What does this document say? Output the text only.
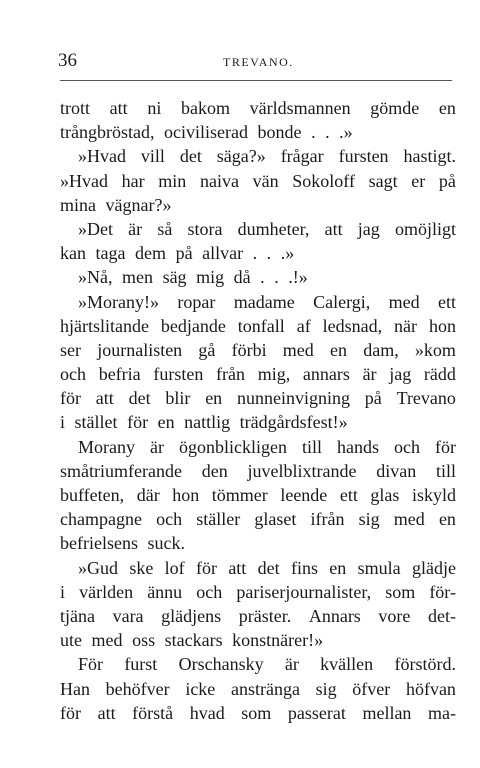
36	TREVANO.
trott att ni bakom världsmannen gömde en
trångbröstad, ociviliserad bonde . . .»
»Hvad vill det säga?» frågar fursten hastigt.
»Hvad har min naiva vän Sokoloff sagt er på
mina vägnar?»
»Det är så stora dumheter, att jag omöjligt
kan taga dem på allvar . . .»
»Nå, men säg mig då . . .!»
»Morany!» ropar madame Calergi, med ett
hjärtslitande bedjande tonfall af ledsnad, när hon
ser journalisten gå förbi med en dam, »kom
och befria fursten från mig, annars är jag rädd
för att det blir en nunneinvigning på Trevano
i stället för en nattlig trädgårdsfest!»
Morany är ögonblickligen till hands och för
småtriumferande den juvelblixtrande divan till
buffeten, där hon tömmer leende ett glas iskyld
champagne och ställer glaset ifrån sig med en
befrielsens suck.
»Gud ske lof för att det fins en smula glädje
i världen ännu och pariserjournalister, som för-
tjäna vara glädjens präster. Annars vore det-
ute med oss stackars konstnärer!»
För furst Orschansky är kvällen förstörd.
Han behöfver icke anstränga sig öfver höfvan
för att förstå hvad som passerat mellan ma-
